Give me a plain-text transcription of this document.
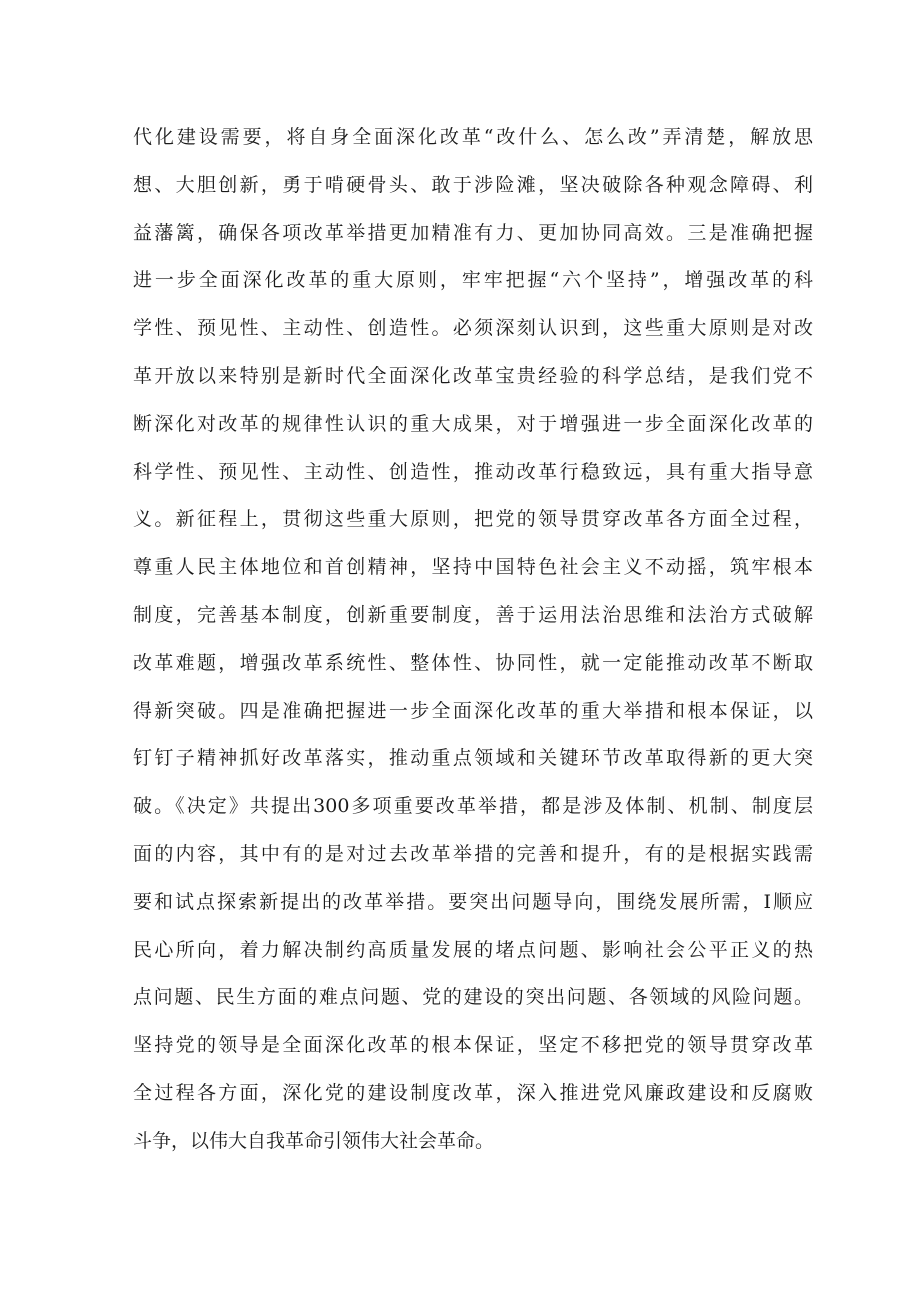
代化建设需要，将自身全面深化改革“改什么、怎么改”弄清楚，解放思
想、大胆创新，勇于啃硬骨头、敢于涉险滩，坚决破除各种观念障碍、利
益藩篱，确保各项改革举措更加精准有力、更加协同高效。三是准确把握
进一步全面深化改革的重大原则，牢牢把握“六个坚持”，增强改革的科
学性、预见性、主动性、创造性。必须深刻认识到，这些重大原则是对改
革开放以来特别是新时代全面深化改革宝贵经验的科学总结，是我们党不
断深化对改革的规律性认识的重大成果，对于增强进一步全面深化改革的
科学性、预见性、主动性、创造性，推动改革行稳致远，具有重大指导意
义。新征程上，贯彻这些重大原则，把党的领导贯穿改革各方面全过程，
尊重人民主体地位和首创精神，坚持中国特色社会主义不动摇，筑牢根本
制度，完善基本制度，创新重要制度，善于运用法治思维和法治方式破解
改革难题，增强改革系统性、整体性、协同性，就一定能推动改革不断取
得新突破。四是准确把握进一步全面深化改革的重大举措和根本保证，以
钉钉子精神抓好改革落实，推动重点领域和关键环节改革取得新的更大突
破。《决定》共提出300多项重要改革举措，都是涉及体制、机制、制度层
面的内容，其中有的是对过去改革举措的完善和提升，有的是根据实践需
要和试点探索新提出的改革举措。要突出问题导向，围绕发展所需，I顺应
民心所向，着力解决制约高质量发展的堵点问题、影响社会公平正义的热
点问题、民生方面的难点问题、党的建设的突出问题、各领域的风险问题。
坚持党的领导是全面深化改革的根本保证，坚定不移把党的领导贯穿改革
全过程各方面，深化党的建设制度改革，深入推进党风廉政建设和反腐败
斗争，以伟大自我革命引领伟大社会革命。
